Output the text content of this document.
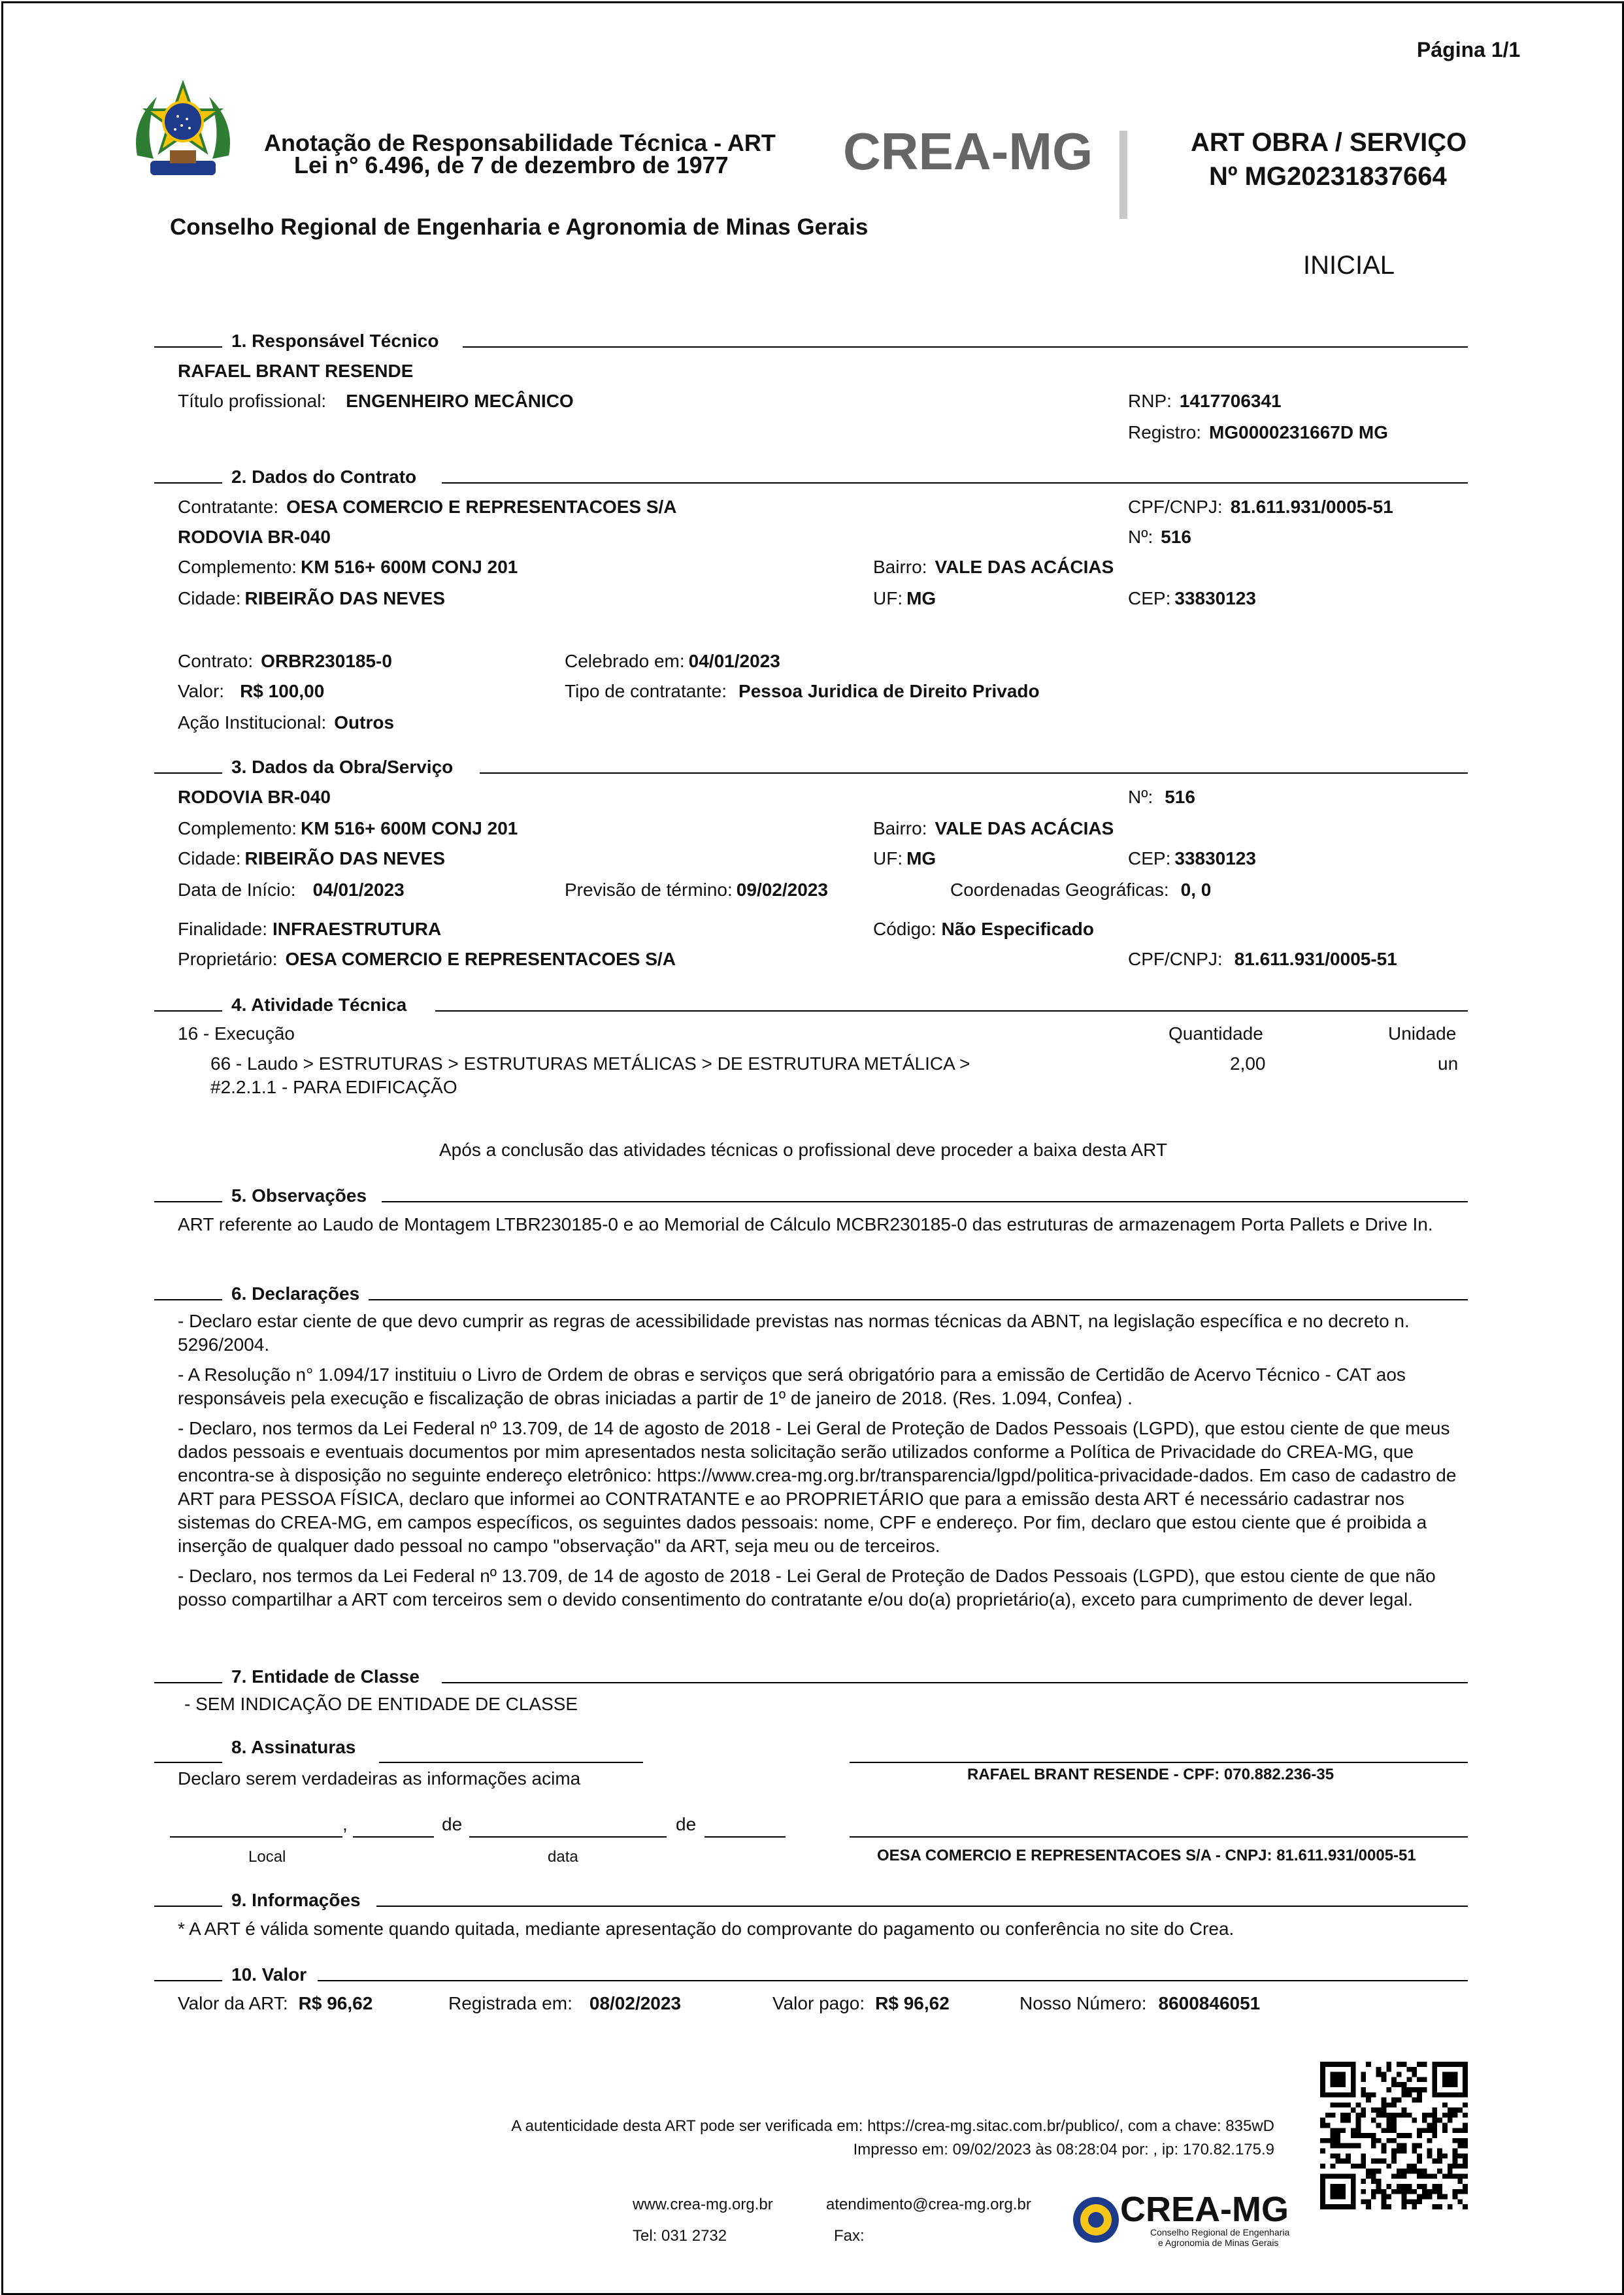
Página 1/1
Anotação de Responsabilidade Técnica - ART
Lei n° 6.496, de 7 de dezembro de 1977 CREA-MG	ART OBRA / SERVIÇO
Nº MG20231837664
Conselho Regional de Engenharia e Agronomia de Minas Gerais
INICIAL
1. Responsável Técnico
RAFAEL BRANT RESENDE
Título profissional: ENGENHEIRO MECÂNICO	RNP: 1417706341
Registro: MG0000231667D MG
2. Dados do Contrato
Contratante: OESA COMERCIO E REPRESENTACOES S/A	CPF/CNPJ: 81.611.931/0005-51
RODOVIA BR-040	Nº: 516
Complemento: KM 516+ 600M CONJ 201	Bairro: VALE DAS ACÁCIAS
Cidade: RIBEIRÃO DAS NEVES	UF: MG	CEP: 33830123
Contrato: ORBR230185-0	Celebrado em: 04/01/2023
Valor: R$ 100,00	Tipo de contratante: Pessoa Juridica de Direito Privado
Ação Institucional: Outros
3. Dados da Obra/Serviço
RODOVIA BR-040	Nº: 516
Complemento: KM 516+ 600M CONJ 201	Bairro: VALE DAS ACÁCIAS
Cidade: RIBEIRÃO DAS NEVES	UF: MG	CEP: 33830123
Data de Início: 04/01/2023	Previsão de término: 09/02/2023	Coordenadas Geográficas: 0, 0
Finalidade: INFRAESTRUTURA	Código: Não Especificado
Proprietário: OESA COMERCIO E REPRESENTACOES S/A	CPF/CNPJ: 81.611.931/0005-51
4. Atividade Técnica
16 - Execução	Quantidade	Unidade
66 - Laudo > ESTRUTURAS > ESTRUTURAS METÁLICAS > DE ESTRUTURA METÁLICA >
#2.2.1.1 - PARA EDIFICAÇÃO
2,00	un
Após a conclusão das atividades técnicas o profissional deve proceder a baixa desta ART
5. Observações
ART referente ao Laudo de Montagem LTBR230185-0 e ao Memorial de Cálculo MCBR230185-0 das estruturas de armazenagem Porta Pallets e Drive In.
6. Declarações
- Declaro estar ciente de que devo cumprir as regras de acessibilidade previstas nas normas técnicas da ABNT, na legislação específica e no decreto n. 5296/2004.
- A Resolução n° 1.094/17 instituiu o Livro de Ordem de obras e serviços que será obrigatório para a emissão de Certidão de Acervo Técnico - CAT aos responsáveis pela execução e fiscalização de obras iniciadas a partir de 1º de janeiro de 2018. (Res. 1.094, Confea) .
- Declaro, nos termos da Lei Federal nº 13.709, de 14 de agosto de 2018 - Lei Geral de Proteção de Dados Pessoais (LGPD), que estou ciente de que meus dados pessoais e eventuais documentos por mim apresentados nesta solicitação serão utilizados conforme a Política de Privacidade do CREA-MG, que encontra-se à disposição no seguinte endereço eletrônico: https://www.crea-mg.org.br/transparencia/lgpd/politica-privacidade-dados. Em caso de cadastro de ART para PESSOA FÍSICA, declaro que informei ao CONTRATANTE e ao PROPRIETÁRIO que para a emissão desta ART é necessário cadastrar nos sistemas do CREA-MG, em campos específicos, os seguintes dados pessoais: nome, CPF e endereço. Por fim, declaro que estou ciente que é proibida a inserção de qualquer dado pessoal no campo "observação" da ART, seja meu ou de terceiros.
- Declaro, nos termos da Lei Federal nº 13.709, de 14 de agosto de 2018 - Lei Geral de Proteção de Dados Pessoais (LGPD), que estou ciente de que não posso compartilhar a ART com terceiros sem o devido consentimento do contratante e/ou do(a) proprietário(a), exceto para cumprimento de dever legal.
7. Entidade de Classe
- SEM INDICAÇÃO DE ENTIDADE DE CLASSE
8. Assinaturas
Declaro serem verdadeiras as informações acima	RAFAEL BRANT RESENDE - CPF: 070.882.236-35
,	de	de
Local	data	OESA COMERCIO E REPRESENTACOES S/A - CNPJ: 81.611.931/0005-51
9. Informações
* A ART é válida somente quando quitada, mediante apresentação do comprovante do pagamento ou conferência no site do Crea.
10. Valor
Valor da ART: R$ 96,62	Registrada em: 08/02/2023	Valor pago: R$ 96,62	Nosso Número: 8600846051
A autenticidade desta ART pode ser verificada em: https://crea-mg.sitac.com.br/publico/, com a chave: 835wD
Impresso em: 09/02/2023 às 08:28:04 por: , ip: 170.82.175.9
www.crea-mg.org.br	atendimento@crea-mg.org.br
Tel: 031 2732	Fax:
CREA-MG
Conselho Regional de Engenharia
e Agronomia de Minas Gerais
